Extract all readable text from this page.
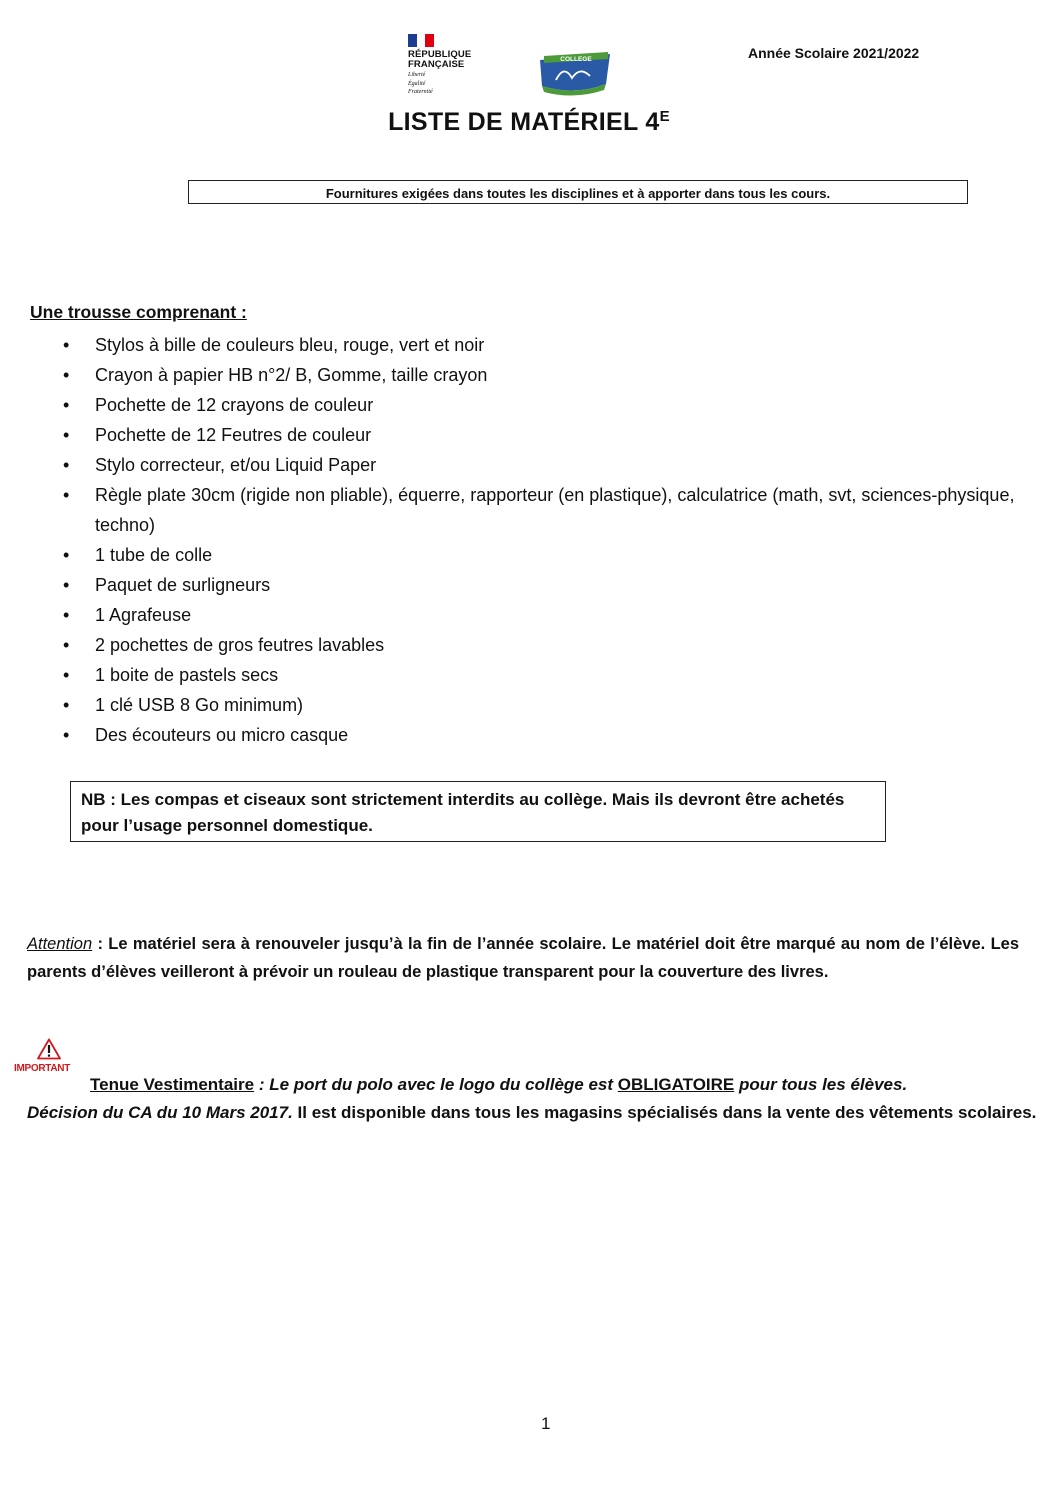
RÉPUBLIQUE
FRANÇAISE
Liberté
Égalité
Fraternité
COLLEGE	Année Scolaire 2021/2022
LISTE DE MATÉRIEL $4^E$
Fournitures exigées dans toutes les disciplines et à apporter dans tous les cours.
Une trousse comprenant :
• Stylos à bille de couleurs bleu, rouge, vert et noir
• Crayon à papier HB n°2/ B, Gomme, taille crayon
• Pochette de 12 crayons de couleur
• Pochette de 12 Feutres de couleur
• Stylo correcteur, et/ou Liquid Paper
• Règle plate 30cm (rigide non pliable), équerre, rapporteur (en plastique), calculatrice (math, svt, sciences-physique, techno)
• 1 tube de colle
• Paquet de surligneurs
• 1 Agrafeuse
• 2 pochettes de gros feutres lavables
• 1 boite de pastels secs
• 1 clé USB 8 Go minimum)
• Des écouteurs ou micro casque
NB : Les compas et ciseaux sont strictement interdits au collège. Mais ils devront être achetés pour l’usage personnel domestique.
Attention : Le matériel sera à renouveler jusqu’à la fin de l’année scolaire. Le matériel doit être marqué au nom de l’élève. Les parents d’élèves veilleront à prévoir un rouleau de plastique transparent pour la couverture des livres.
IMPORTANT
Tenue Vestimentaire : Le port du polo avec le logo du collège est OBLIGATOIRE pour tous les élèves.
Décision du CA du 10 Mars 2017. Il est disponible dans tous les magasins spécialisés dans la vente des vêtements scolaires.
1
